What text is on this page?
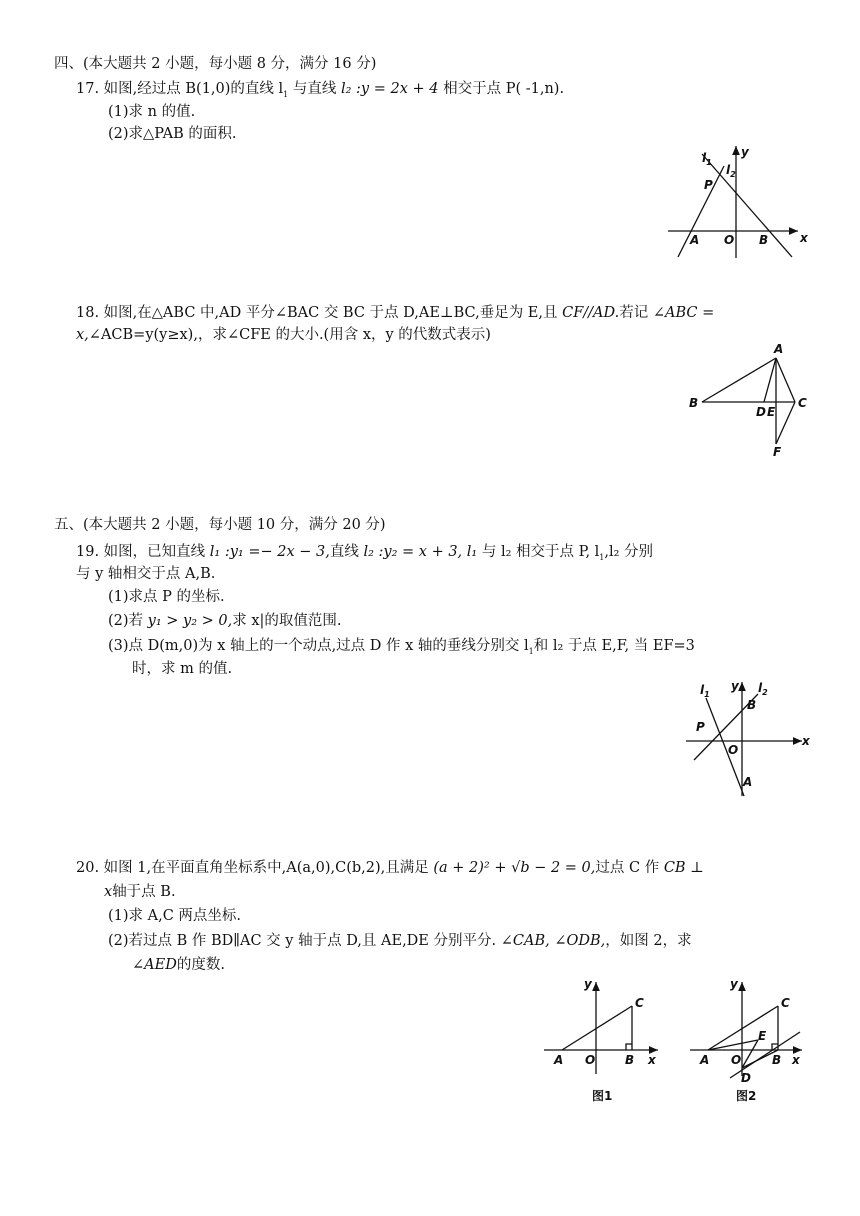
四、(本大题共 2 小题，每小题 8 分，满分 16 分)
17. 如图,经过点 B(1,0)的直线 $l_1$ 与直线 l₂ :y = 2x + 4 相交于点 P( -1,n).
(1)求 n 的值.
(2)求△PAB 的面积.
$l_1$
$l_2$
y
x
P
A O B
18. 如图,在△ABC 中,AD 平分∠BAC 交 BC 于点 D,AE⊥BC,垂足为 E,且 CF//AD.若记 ∠ABC =
x,∠ACB=y(y≥x),，求∠CFE 的大小.(用含 x，y 的代数式表示)
A
B	C
D E
F
五、(本大题共 2 小题，每小题 10 分，满分 20 分)
19. 如图，已知直线 l₁ :y₁ =− 2x − 3,直线 l₂ :y₂ = x + 3, l₁ 与 l₂ 相交于点 P, $l_1,l_2$ 分别
与 y 轴相交于点 A,B.
(1)求点 P 的坐标.
(2)若 y₁ > y₂ > 0,求 x|的取值范围.
(3)点 D(m,0)为 x 轴上的一个动点,过点 D 作 x 轴的垂线分别交 $l_1$和 l₂ 于点 E,F, 当 EF=3
时，求 m 的值.
$l_1$	$l_2$
y
x
P
B
O
A
20. 如图 1,在平面直角坐标系中,A(a,0),C(b,2),且满足 (a + 2)² + √b − 2 = 0,过点 C 作 CB ⊥
x轴于点 B.
(1)求 A,C 两点坐标.
(2)若过点 B 作 BD∥AC 交 y 轴于点 D,且 AE,DE 分别平分. ∠CAB, ∠ODB,，如图 2，求
∠AED的度数.
y
C
A O B x
图1
y
C
E
A O	B x
D
图2
